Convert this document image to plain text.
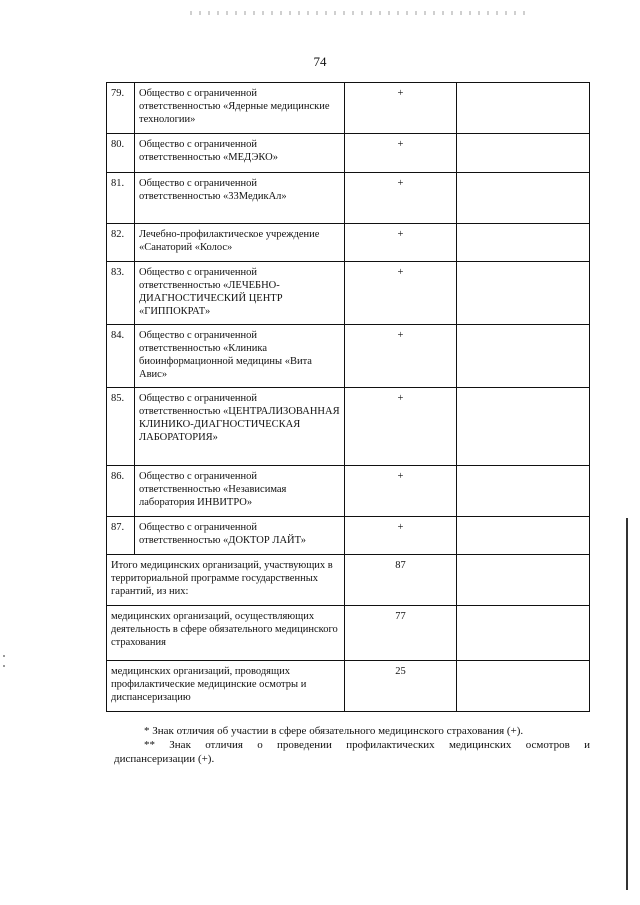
74
79.	Общество с ограниченной ответственностью «Ядерные медицинские технологии»	+	
80.	Общество с ограниченной ответственностью «МЕДЭКО»	+	
81.	Общество с ограниченной ответственностью «33МедикАл»	+	
82.	Лечебно-профилактическое учреждение «Санаторий «Колос»	+	
83.	Общество с ограниченной ответственностью «ЛЕЧЕБНО-ДИАГНОСТИЧЕСКИЙ ЦЕНТР «ГИППОКРАТ»	+	
84.	Общество с ограниченной ответственностью «Клиника биоинформационной медицины «Вита Авис»	+	
85.	Общество с ограниченной ответственностью «ЦЕНТРАЛИЗОВАННАЯ КЛИНИКО-ДИАГНОСТИЧЕСКАЯ ЛАБОРАТОРИЯ»	+	
86.	Общество с ограниченной ответственностью «Независимая лаборатория ИНВИТРО»	+	
87.	Общество с ограниченной ответственностью «ДОКТОР ЛАЙТ»	+	
Итого медицинских организаций, участвующих в территориальной программе государственных гарантий, из них:		87	
медицинских организаций, осуществляющих деятельность в сфере обязательного медицинского страхования		77	
медицинских организаций, проводящих профилактические медицинские осмотры и диспансеризацию		25	
* Знак отличия об участии в сфере обязательного медицинского страхования (+).
** Знак отличия о проведении профилактических медицинских осмотров и
диспансеризации (+).
